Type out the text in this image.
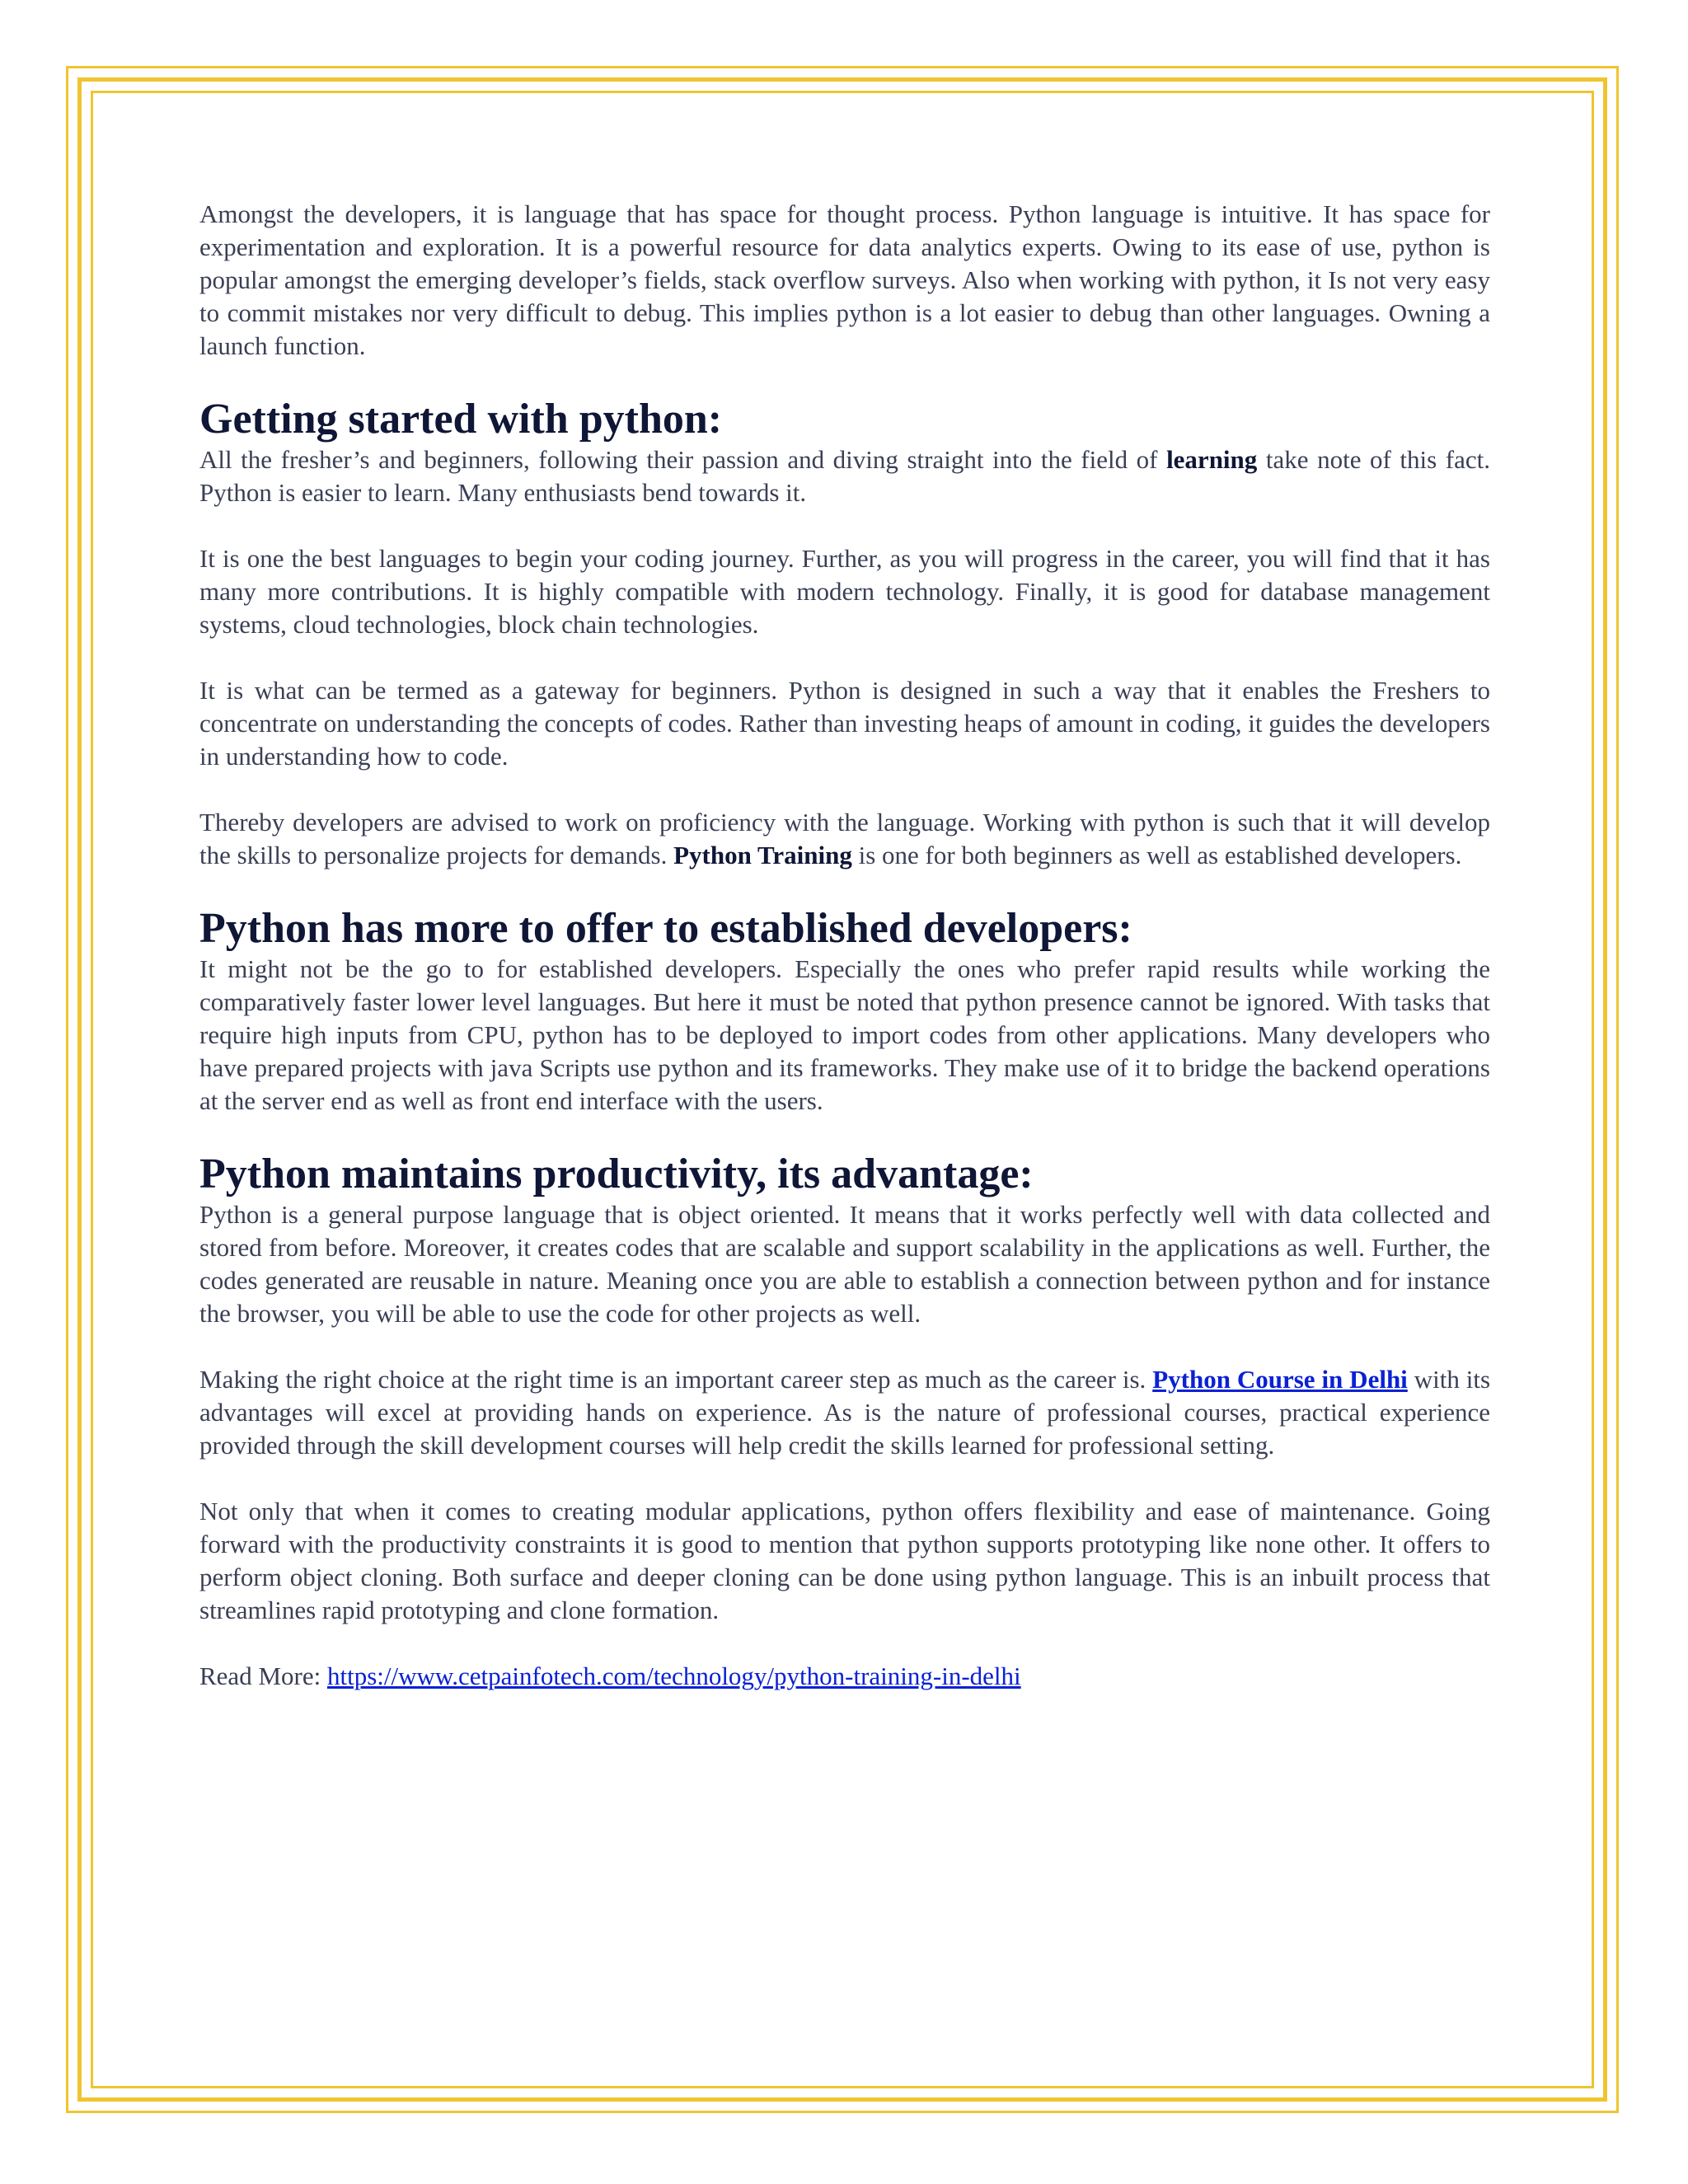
Amongst the developers, it is language that has space for thought process. Python language is intuitive. It has space for experimentation and exploration. It is a powerful resource for data analytics experts. Owing to its ease of use, python is popular amongst the emerging developer’s fields, stack overflow surveys. Also when working with python, it Is not very easy to commit mistakes nor very difficult to debug. This implies python is a lot easier to debug than other languages. Owning a launch function.

Getting started with python:

All the fresher’s and beginners, following their passion and diving straight into the field of learning take note of this fact. Python is easier to learn. Many enthusiasts bend towards it.

It is one the best languages to begin your coding journey. Further, as you will progress in the career, you will find that it has many more contributions. It is highly compatible with modern technology. Finally, it is good for database management systems, cloud technologies, block chain technologies.

It is what can be termed as a gateway for beginners. Python is designed in such a way that it enables the Freshers to concentrate on understanding the concepts of codes. Rather than investing heaps of amount in coding, it guides the developers in understanding how to code.

Thereby developers are advised to work on proficiency with the language. Working with python is such that it will develop the skills to personalize projects for demands. Python Training is one for both beginners as well as established developers.

Python has more to offer to established developers:

It might not be the go to for established developers. Especially the ones who prefer rapid results while working the comparatively faster lower level languages. But here it must be noted that python presence cannot be ignored. With tasks that require high inputs from CPU, python has to be deployed to import codes from other applications. Many developers who have prepared projects with java Scripts use python and its frameworks. They make use of it to bridge the backend operations at the server end as well as front end interface with the users.

Python maintains productivity, its advantage:

Python is a general purpose language that is object oriented. It means that it works perfectly well with data collected and stored from before. Moreover, it creates codes that are scalable and support scalability in the applications as well. Further, the codes generated are reusable in nature. Meaning once you are able to establish a connection between python and for instance the browser, you will be able to use the code for other projects as well.

Making the right choice at the right time is an important career step as much as the career is. Python Course in Delhi with its advantages will excel at providing hands on experience. As is the nature of professional courses, practical experience provided through the skill development courses will help credit the skills learned for professional setting.

Not only that when it comes to creating modular applications, python offers flexibility and ease of maintenance. Going forward with the productivity constraints it is good to mention that python supports prototyping like none other. It offers to perform object cloning. Both surface and deeper cloning can be done using python language. This is an inbuilt process that streamlines rapid prototyping and clone formation.

Read More: https://www.cetpainfotech.com/technology/python-training-in-delhi
